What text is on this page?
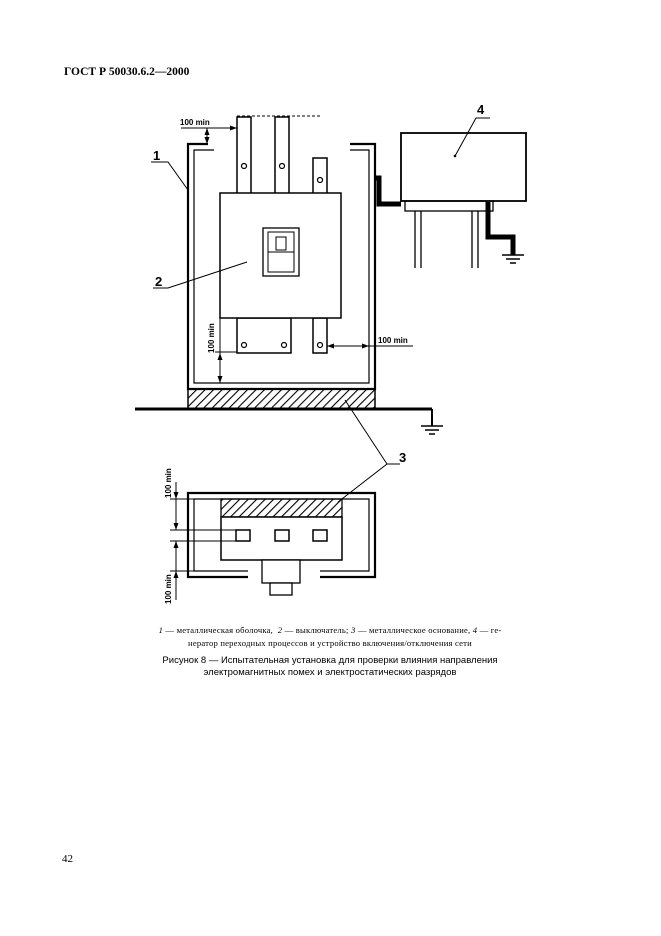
ГОСТ Р 50030.6.2—2000
100 min
100 min
100 min
100 min
100 min
1
2
3
4
1 — металлическая оболочка, 2 — выключатель; 3 — металлическое основание, 4 — ге-
нератор переходных процессов и устройство включения/отключения сети
Рисунок 8 — Испытательная установка для проверки влияния направления
электромагнитных помех и электростатических разрядов
42
